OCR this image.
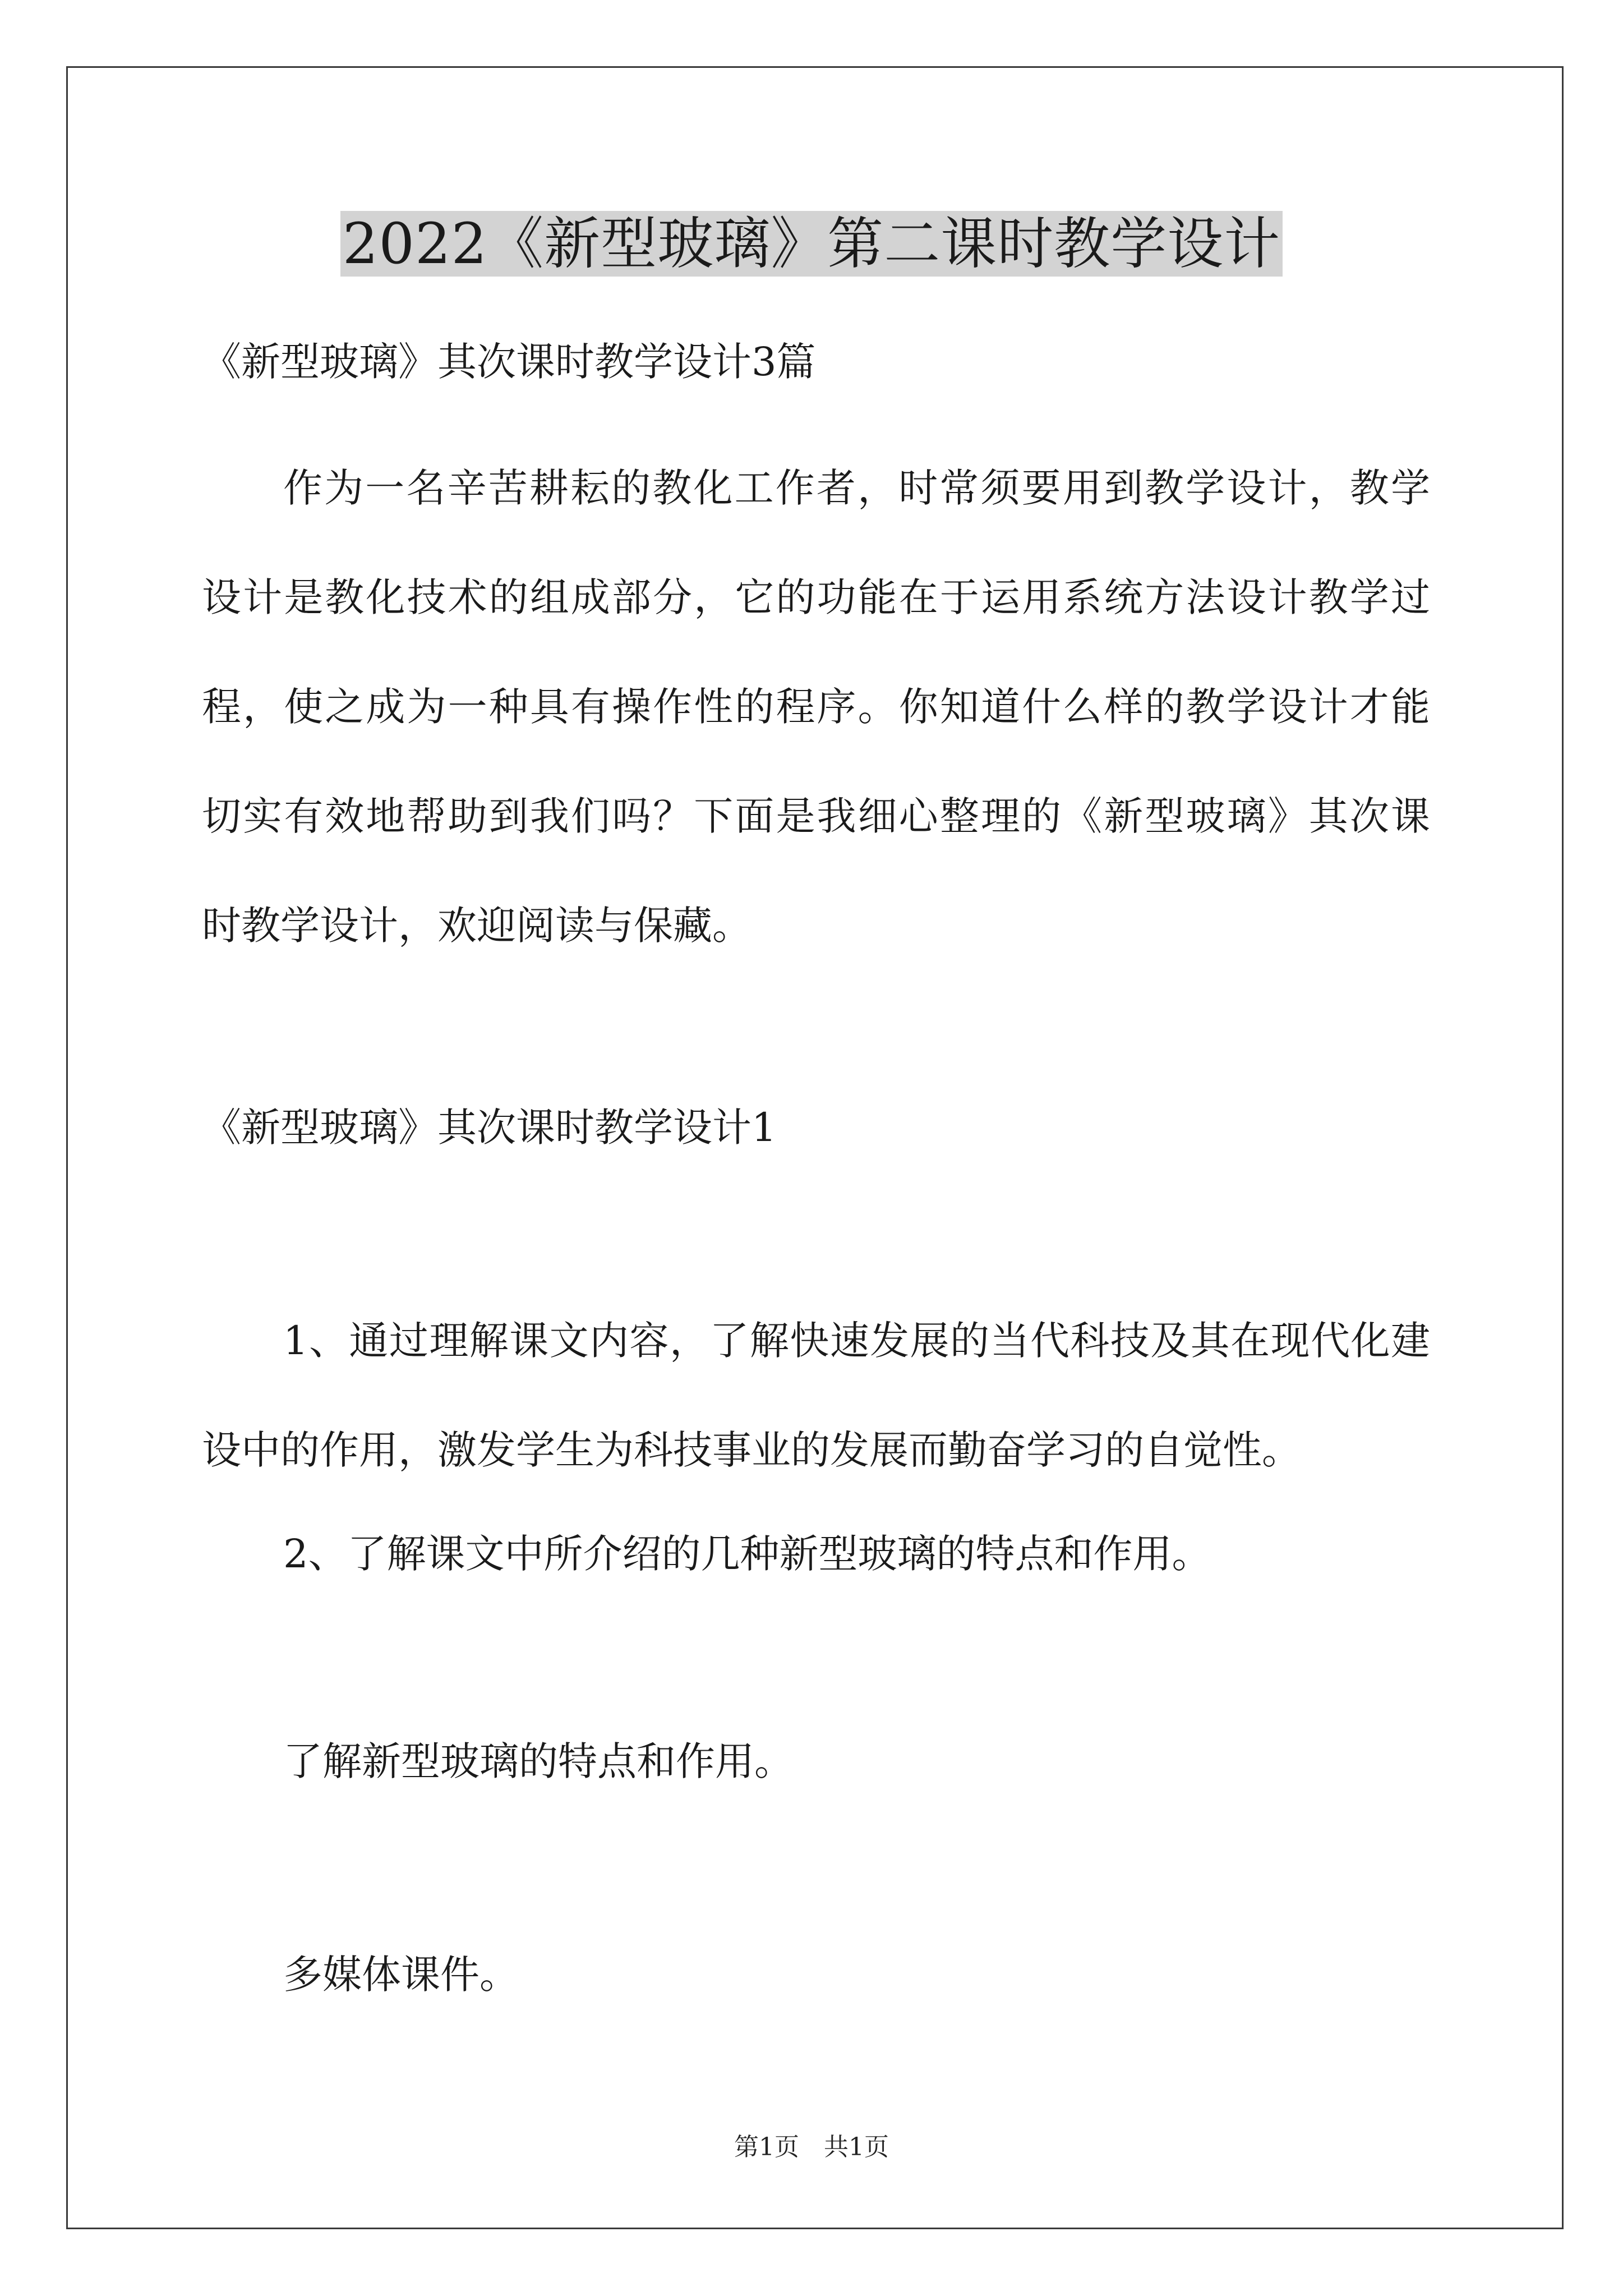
2022《新型玻璃》第二课时教学设计

《新型玻璃》其次课时教学设计3篇

作为一名辛苦耕耘的教化工作者，时常须要用到教学设计，教学

设计是教化技术的组成部分，它的功能在于运用系统方法设计教学过

程，使之成为一种具有操作性的程序。你知道什么样的教学设计才能

切实有效地帮助到我们吗？下面是我细心整理的《新型玻璃》其次课

时教学设计，欢迎阅读与保藏。

《新型玻璃》其次课时教学设计1

1、通过理解课文内容，了解快速发展的当代科技及其在现代化建

设中的作用，激发学生为科技事业的发展而勤奋学习的自觉性。

2、了解课文中所介绍的几种新型玻璃的特点和作用。

了解新型玻璃的特点和作用。

多媒体课件。

第1页 共1页
